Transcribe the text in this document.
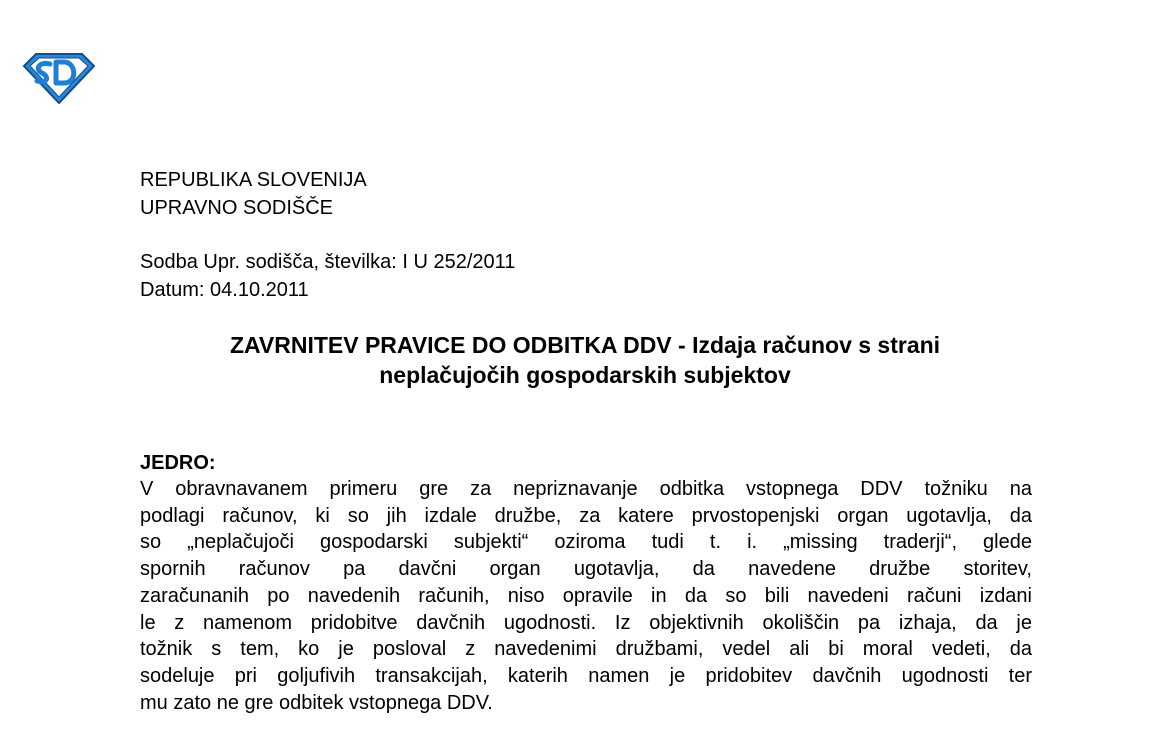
REPUBLIKA SLOVENIJA
UPRAVNO SODIŠČE
Sodba Upr. sodišča, številka: I U 252/2011
Datum: 04.10.2011
ZAVRNITEV PRAVICE DO ODBITKA DDV - Izdaja računov s strani
neplačujočih gospodarskih subjektov
JEDRO:
V obravnavanem primeru gre za nepriznavanje odbitka vstopnega DDV tožniku na
podlagi računov, ki so jih izdale družbe, za katere prvostopenjski organ ugotavlja, da
so „neplačujoči gospodarski subjekti“ oziroma tudi t. i. „missing traderji“, glede
spornih računov pa davčni organ ugotavlja, da navedene družbe storitev,
zaračunanih po navedenih računih, niso opravile in da so bili navedeni računi izdani
le z namenom pridobitve davčnih ugodnosti. Iz objektivnih okoliščin pa izhaja, da je
tožnik s tem, ko je posloval z navedenimi družbami, vedel ali bi moral vedeti, da
sodeluje pri goljufivih transakcijah, katerih namen je pridobitev davčnih ugodnosti ter
mu zato ne gre odbitek vstopnega DDV.
